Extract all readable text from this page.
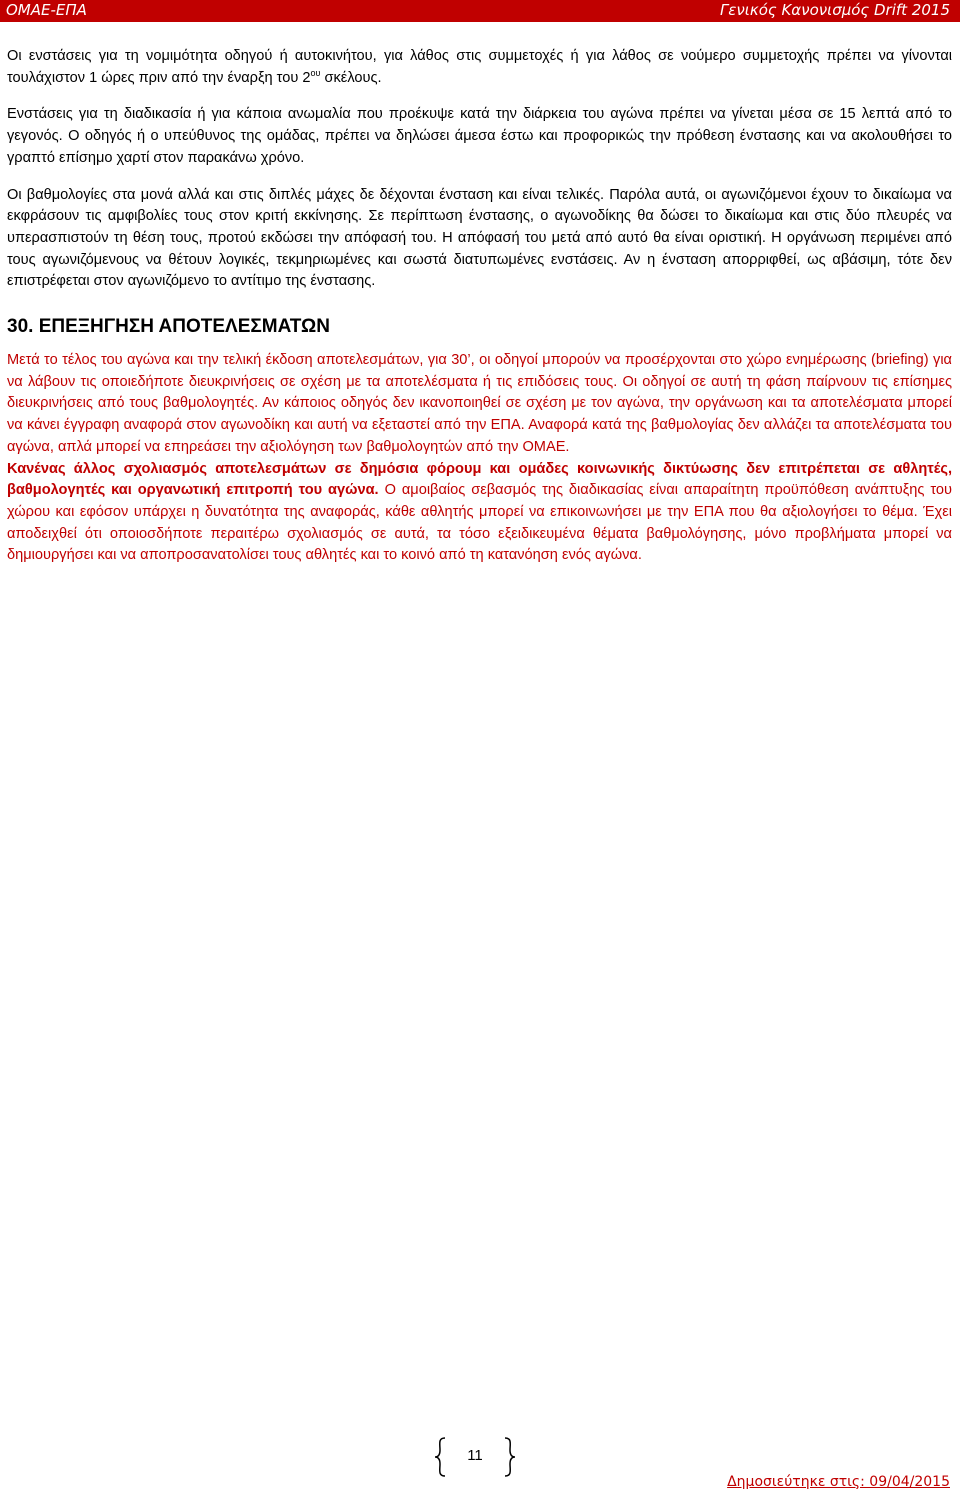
ΟΜΑΕ-ΕΠΑ	Γενικός Κανονισμός Drift 2015

Οι ενστάσεις για τη νομιμότητα οδηγού ή αυτοκινήτου, για λάθος στις συμμετοχές ή για λάθος σε νούμερο συμμετοχής πρέπει να γίνονται τουλάχιστον 1 ώρες πριν από την έναρξη του $2^{o\upsilon}$ σκέλους.

Ενστάσεις για τη διαδικασία ή για κάποια ανωμαλία που προέκυψε κατά την διάρκεια του αγώνα πρέπει να γίνεται μέσα σε 15 λεπτά από το γεγονός. Ο οδηγός ή ο υπεύθυνος της ομάδας, πρέπει να δηλώσει άμεσα έστω και προφορικώς την πρόθεση ένστασης και να ακολουθήσει το γραπτό επίσημο χαρτί στον παρακάνω χρόνο.

Οι βαθμολογίες στα μονά αλλά και στις διπλές μάχες δε δέχονται ένσταση και είναι τελικές. Παρόλα αυτά, οι αγωνιζόμενοι έχουν το δικαίωμα να εκφράσουν τις αμφιβολίες τους στον κριτή εκκίνησης. Σε περίπτωση ένστασης, ο αγωνοδίκης θα δώσει το δικαίωμα και στις δύο πλευρές να υπερασπιστούν τη θέση τους, προτού εκδώσει την απόφασή του. Η απόφασή του μετά από αυτό θα είναι οριστική. Η οργάνωση περιμένει από τους αγωνιζόμενους να θέτουν λογικές, τεκμηριωμένες και σωστά διατυπωμένες ενστάσεις. Αν η ένσταση απορριφθεί, ως αβάσιμη, τότε δεν επιστρέφεται στον αγωνιζόμενο το αντίτιμο της ένστασης.

30. ΕΠΕΞΗΓΗΣΗ ΑΠΟΤΕΛΕΣΜΑΤΩΝ

Μετά το τέλος του αγώνα και την τελική έκδοση αποτελεσμάτων, για 30’, οι οδηγοί μπορούν να προσέρχονται στο χώρο ενημέρωσης (briefing) για να λάβουν τις οποιεδήποτε διευκρινήσεις σε σχέση με τα αποτελέσματα ή τις επιδόσεις τους. Οι οδηγοί σε αυτή τη φάση παίρνουν τις επίσημες διευκρινήσεις από τους βαθμολογητές. Αν κάποιος οδηγός δεν ικανοποιηθεί σε σχέση με τον αγώνα, την οργάνωση και τα αποτελέσματα μπορεί να κάνει έγγραφη αναφορά στον αγωνοδίκη και αυτή να εξεταστεί από την ΕΠΑ. Αναφορά κατά της βαθμολογίας δεν αλλάζει τα αποτελέσματα του αγώνα, απλά μπορεί να επηρεάσει την αξιολόγηση των βαθμολογητών από την ΟΜΑΕ.

Κανένας άλλος σχολιασμός αποτελεσμάτων σε δημόσια φόρουμ και ομάδες κοινωνικής δικτύωσης δεν επιτρέπεται σε αθλητές, βαθμολογητές και οργανωτική επιτροπή του αγώνα. Ο αμοιβαίος σεβασμός της διαδικασίας είναι απαραίτητη προϋπόθεση ανάπτυξης του χώρου και εφόσον υπάρχει η δυνατότητα της αναφοράς, κάθε αθλητής μπορεί να επικοινωνήσει με την ΕΠΑ που θα αξιολογήσει το θέμα. Έχει αποδειχθεί ότι οποιοσδήποτε περαιτέρω σχολιασμός σε αυτά, τα τόσο εξειδικευμένα θέματα βαθμολόγησης, μόνο προβλήματα μπορεί να δημιουργήσει και να αποπροσανατολίσει τους αθλητές και το κοινό από τη κατανόηση ενός αγώνα.

11
Δημοσιεύτηκε στις: 09/04/2015
